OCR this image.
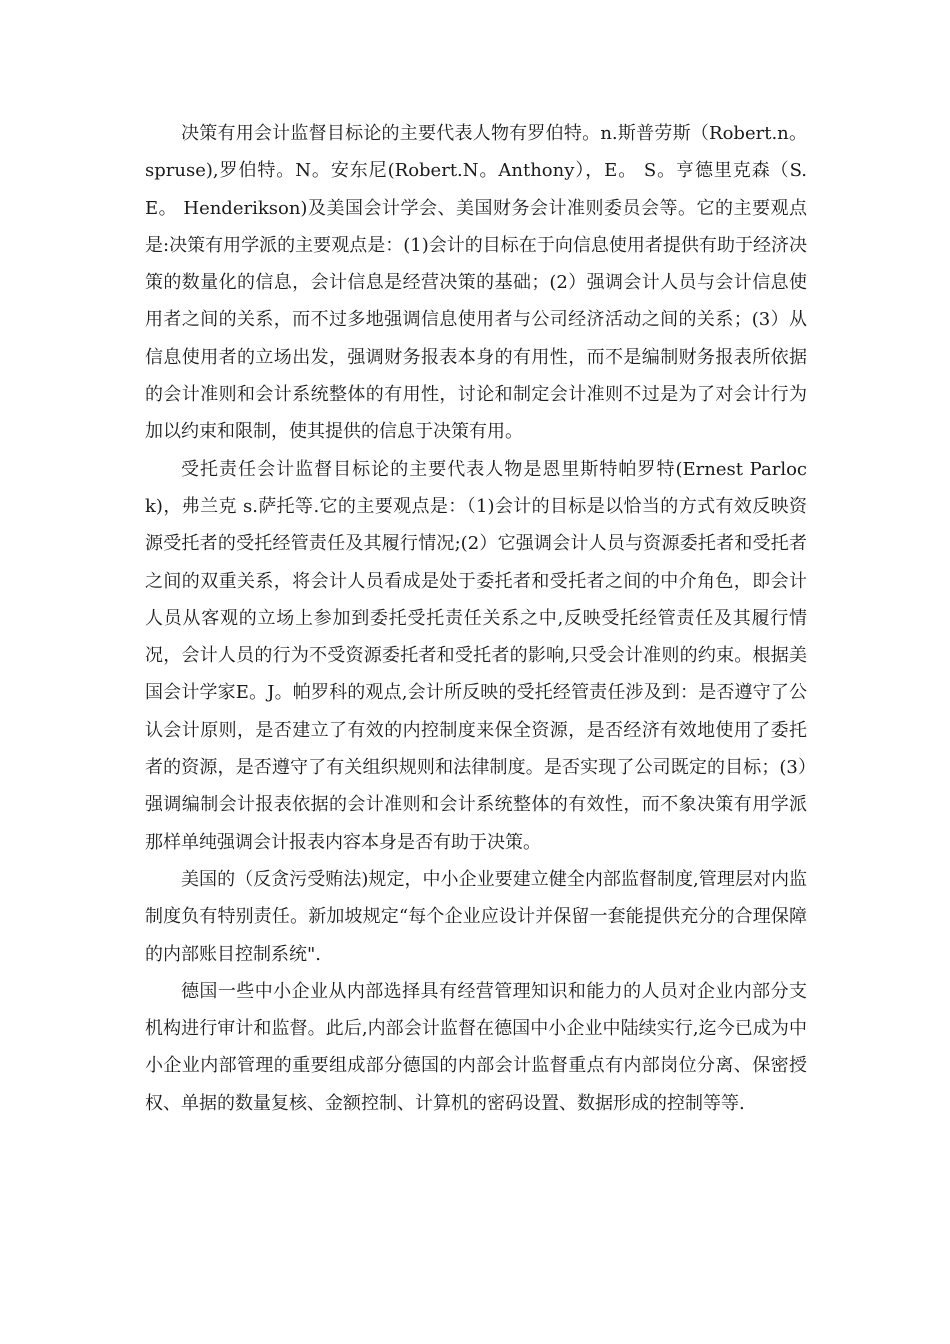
决策有用会计监督目标论的主要代表人物有罗伯特。n.斯普劳斯（Robert.n。 spruse),罗伯特。N。安东尼(Robert.N。Anthony），E。 S。亨德里克森（S. E。 Henderikson)及美国会计学会、美国财务会计准则委员会等。它的主要观点是:决策有用学派的主要观点是：(1)会计的目标在于向信息使用者提供有助于经济决策的数量化的信息，会计信息是经营决策的基础；(2）强调会计人员与会计信息使用者之间的关系，而不过多地强调信息使用者与公司经济活动之间的关系；(3）从信息使用者的立场出发，强调财务报表本身的有用性，而不是编制财务报表所依据的会计准则和会计系统整体的有用性，讨论和制定会计准则不过是为了对会计行为加以约束和限制，使其提供的信息于决策有用。

受托责任会计监督目标论的主要代表人物是恩里斯特帕罗特(Ernest Parlock)，弗兰克 s.萨托等.它的主要观点是：（1)会计的目标是以恰当的方式有效反映资源受托者的受托经管责任及其履行情况;(2）它强调会计人员与资源委托者和受托者之间的双重关系，将会计人员看成是处于委托者和受托者之间的中介角色，即会计人员从客观的立场上参加到委托受托责任关系之中,反映受托经管责任及其履行情况，会计人员的行为不受资源委托者和受托者的影响,只受会计准则的约束。根据美国会计学家E。J。帕罗科的观点,会计所反映的受托经管责任涉及到：是否遵守了公认会计原则，是否建立了有效的内控制度来保全资源，是否经济有效地使用了委托者的资源，是否遵守了有关组织规则和法律制度。是否实现了公司既定的目标；(3）强调编制会计报表依据的会计准则和会计系统整体的有效性，而不象决策有用学派那样单纯强调会计报表内容本身是否有助于决策。

美国的（反贪污受贿法)规定，中小企业要建立健全内部监督制度,管理层对内监制度负有特别责任。新加坡规定“每个企业应设计并保留一套能提供充分的合理保障的内部账目控制系统".

德国一些中小企业从内部选择具有经营管理知识和能力的人员对企业内部分支机构进行审计和监督。此后,内部会计监督在德国中小企业中陆续实行,迄今已成为中小企业内部管理的重要组成部分德国的内部会计监督重点有内部岗位分离、保密授权、单据的数量复核、金额控制、计算机的密码设置、数据形成的控制等等.
